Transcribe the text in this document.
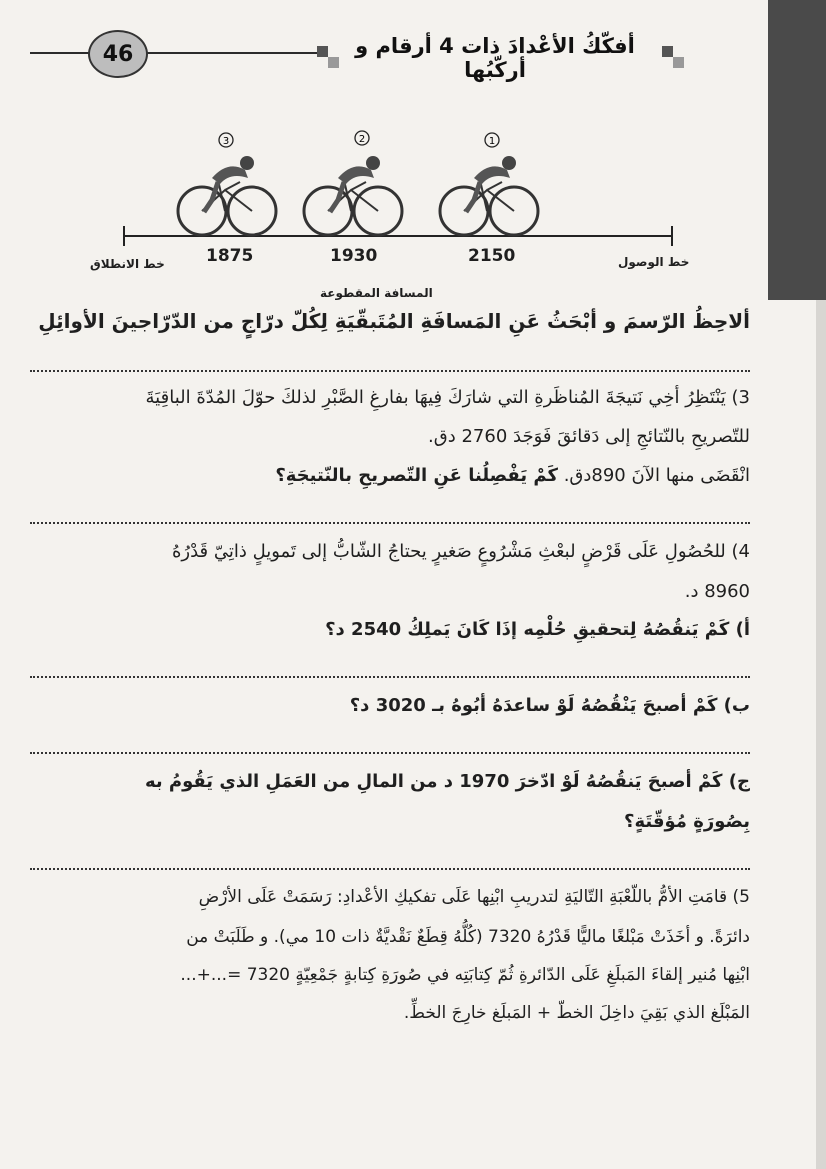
46	أفكّكُ الأعْدادَ ذات 4 أرقام و أركّبُها
3	2	1
2150
1930
1875	خط الوصول
خط الانطلاق
المسافة المقطوعة
ألاحِظُ الرّسمَ و أبْحَثُ عَنِ المَسافَةِ المُتَبقّيَةِ لِكُلّ درّاجٍ من الدّرّاجينَ الأوائِلِ
3) يَنْتَظِرُ أخِي نَتيجَةَ المُناظَرةِ التي شارَكَ فِيهَا بفارغِ الصَّبْرِ لذلكَ حوّلَ المُدّةَ الباقِيَةَ
للتّصريحِ بالنّتائجِ إلى دَقائقَ فَوَجَدَ 2760 دق.
انْقَضَى منها الآنَ 890دق. كَمْ يَفْصِلُنا عَنِ التّصريحِ بالنّتيجَةِ؟
4) للحُصُولِ عَلَى قَرْضٍ لبعْثِ مَشْرُوعٍ صَغيرٍ يحتاجُ الشّابُّ إلى تَمويلٍ ذاتِيّ قَدْرُهُ
8960 د.
أ) كَمْ يَنقُصُهُ لِتحقيقِ حُلْمِه إذَا كَانَ يَملِكُ 2540 د؟
ب) كَمْ أصبحَ يَنْقُصُهُ لَوْ ساعدَهُ أبُوهُ بـ 3020 د؟
ج) كَمْ أصبحَ يَنقُصُهُ لَوْ ادّخرَ 1970 د من المالِ من العَمَلِ الذي يَقُومُ به
بِصُورَةٍ مُؤقّتَةٍ؟
5) قامَتِ الأمُّ باللّعْبَةِ التّاليَةِ لتدريبِ ابْنِها عَلَى تفكيكِ الأعْدادِ: رَسَمَتْ عَلَى الأرْضِ
دائرَةً. و أخَذَتْ مَبْلغًا ماليًّا قَدْرُهُ 7320 (كُلُّهُ قِطَعٌ نَقْديَّةٌ ذات 10 مي). و طَلَبَتْ من
ابْنِها مُنير إلقاءَ المَبلَغِ عَلَى الدّائرةِ ثُمّ كِتابَتِه في صُورَةِ كِتابةٍ جَمْعِيّةٍ 7320 =...+...
المَبْلَغ الذي بَقِيَ داخِلَ الخطّ + المَبلَغ خارِجَ الخطِّ.
